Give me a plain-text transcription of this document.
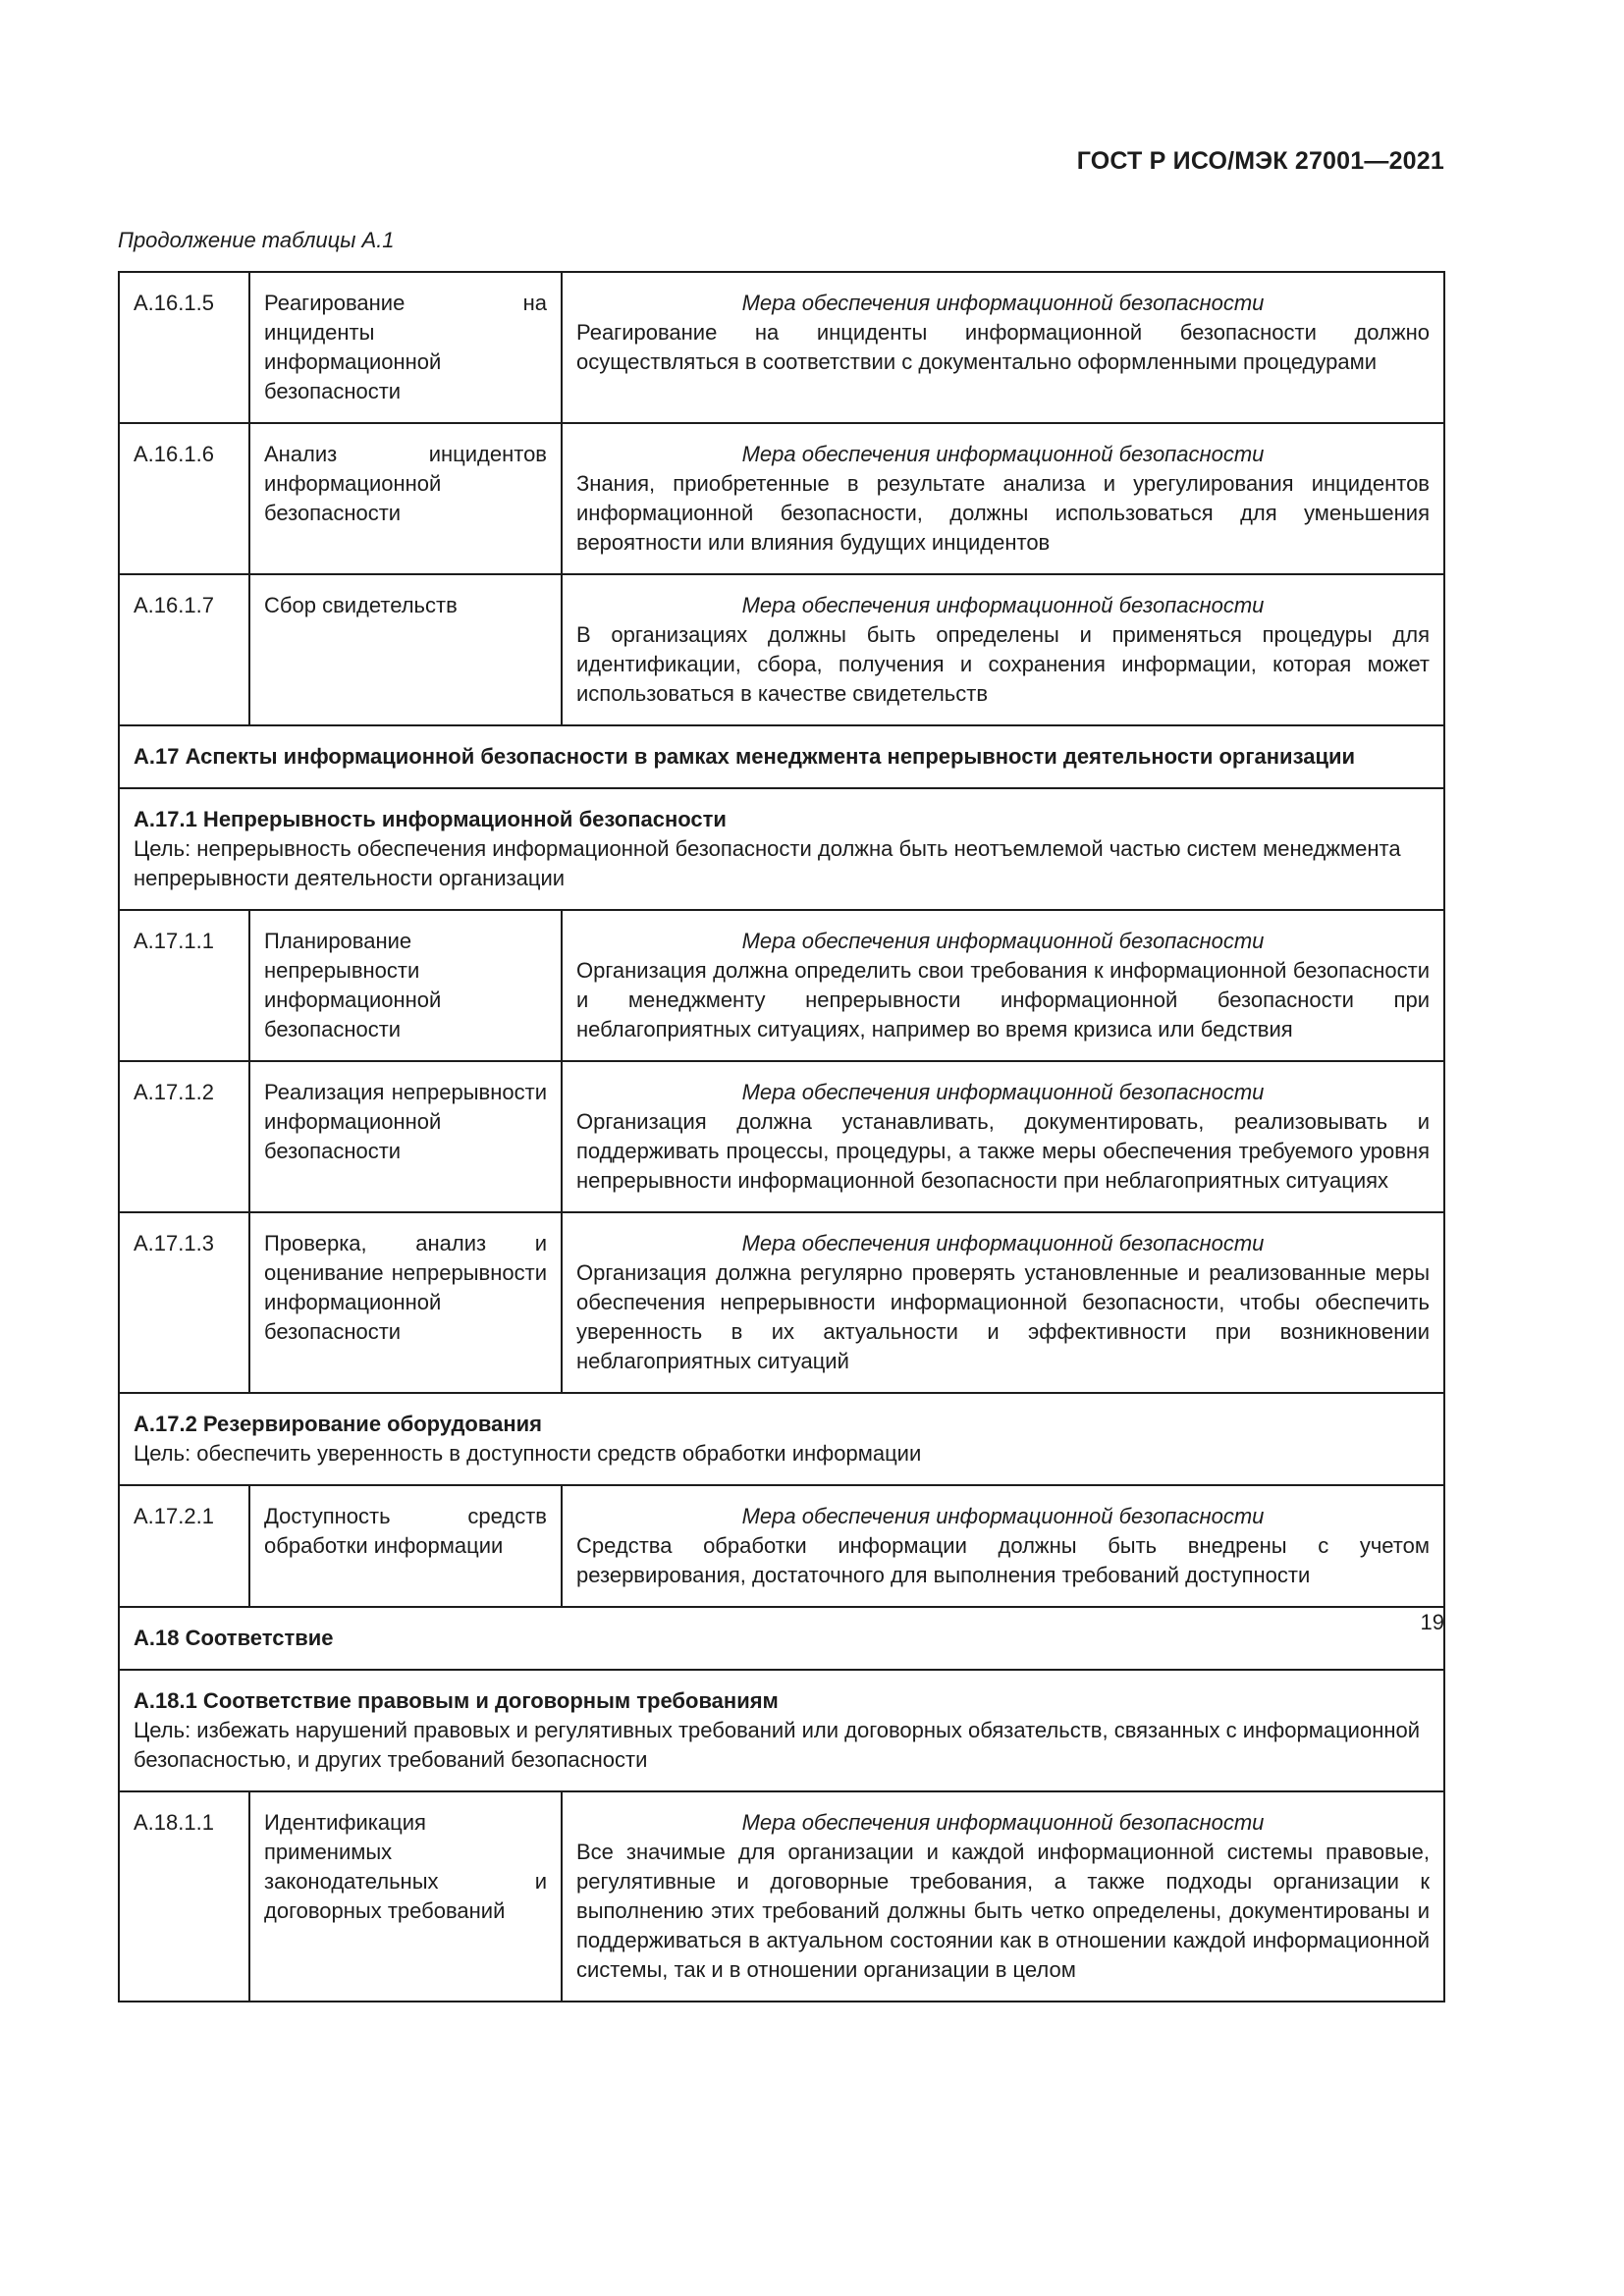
ГОСТ Р ИСО/МЭК 27001—2021
Продолжение таблицы А.1
А.16.1.5	Реагирование на инциденты информационной безопасности	Мера обеспечения информационной безопасности
Реагирование на инциденты информационной безопасности должно осуществляться в соответствии с документально оформленными процедурами

А.16.1.6	Анализ инцидентов информационной безопасности	Мера обеспечения информационной безопасности
Знания, приобретенные в результате анализа и урегулирования инцидентов информационной безопасности, должны использоваться для уменьшения вероятности или влияния будущих инцидентов

А.16.1.7	Сбор свидетельств	Мера обеспечения информационной безопасности
В организациях должны быть определены и применяться процедуры для идентификации, сбора, получения и сохранения информации, которая может использоваться в качестве свидетельств

А.17 Аспекты информационной безопасности в рамках менеджмента непрерывности деятельности организации		
А.17.1 Непрерывность информационной безопасности
Цель: непрерывность обеспечения информационной безопасности должна быть неотъемлемой частью систем менеджмента непрерывности деятельности организации		

А.17.1.1	Планирование непрерывности информационной безопасности	Мера обеспечения информационной безопасности
Организация должна определить свои требования к информационной безопасности и менеджменту непрерывности информационной безопасности при неблагоприятных ситуациях, например во время кризиса или бедствия

А.17.1.2	Реализация непрерывности информационной безопасности	Мера обеспечения информационной безопасности
Организация должна устанавливать, документировать, реализовывать и поддерживать процессы, процедуры, а также меры обеспечения требуемого уровня непрерывности информационной безопасности при неблагоприятных ситуациях

А.17.1.3	Проверка, анализ и оценивание непрерывности информационной безопасности	Мера обеспечения информационной безопасности
Организация должна регулярно проверять установленные и реализованные меры обеспечения непрерывности информационной безопасности, чтобы обеспечить уверенность в их актуальности и эффективности при возникновении неблагоприятных ситуаций

А.17.2 Резервирование оборудования
Цель: обеспечить уверенность в доступности средств обработки информации		

А.17.2.1	Доступность средств обработки информации	Мера обеспечения информационной безопасности
Средства обработки информации должны быть внедрены с учетом резервирования, достаточного для выполнения требований доступности

А.18 Соответствие		
А.18.1 Соответствие правовым и договорным требованиям
Цель: избежать нарушений правовых и регулятивных требований или договорных обязательств, связанных с информационной безопасностью, и других требований безопасности		

А.18.1.1	Идентификация применимых законодательных и договорных требований	Мера обеспечения информационной безопасности
Все значимые для организации и каждой информационной системы правовые, регулятивные и договорные требования, а также подходы организации к выполнению этих требований должны быть четко определены, документированы и поддерживаться в актуальном состоянии как в отношении каждой информационной системы, так и в отношении организации в целом
19
